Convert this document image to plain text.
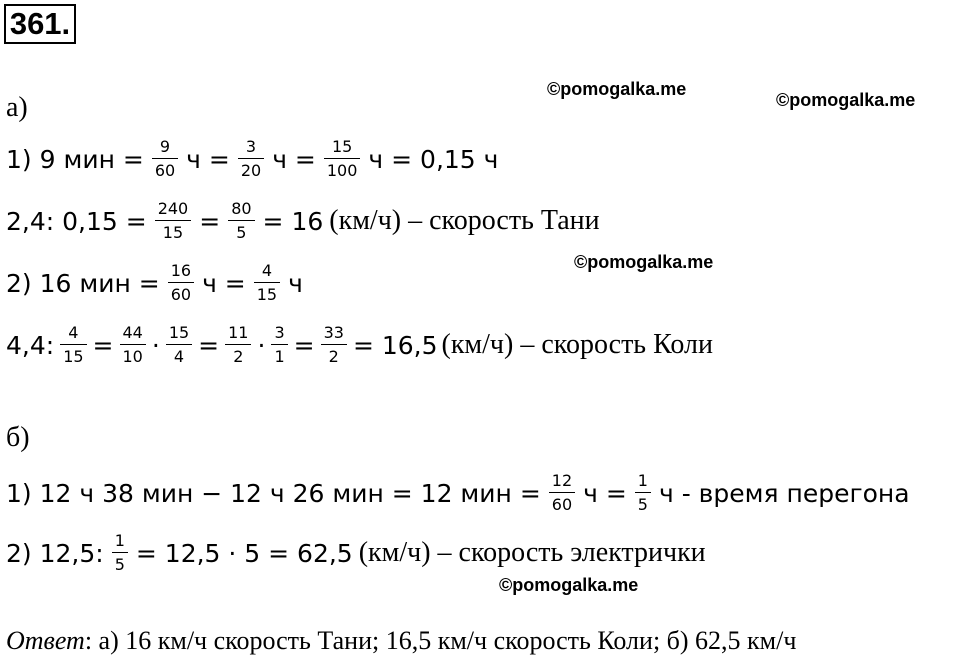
361.
©pomogalka.me
©pomogalka.me
©pomogalka.me
©pomogalka.me
а)
1) 9 мин = $\frac{9}{60}$ $ч = \frac{3}{20}$ $ч = \frac{15}{100}$ ч = 0,15 ч
2,4: $0,15 = \frac{240}{15} = \frac{80}{5} = 16$ (км/ч) – скорость Тани
2) 16 мин = $\frac{16}{60}$ $ч = \frac{4}{15}$ ч
4,4: $\frac{4}{15} = \frac{44}{10} \cdot \frac{15}{4} = \frac{11}{2} \cdot \frac{3}{1} = \frac{33}{2} = 16,5$ (км/ч) – скорость Коли
б)
1) 12 ч 38 мин − 12 ч 26 мин = 12 мин = $\frac{12}{60}$ $ч = \frac{1}{5}$ ч - время перегона
2) 12,5: $\frac{1}{5} = 12,5 \cdot 5 = 62,5$ (км/ч) – скорость электрички
Ответ: а) 16 км/ч скорость Тани; 16,5 км/ч скорость Коли; б) 62,5 км/ч
